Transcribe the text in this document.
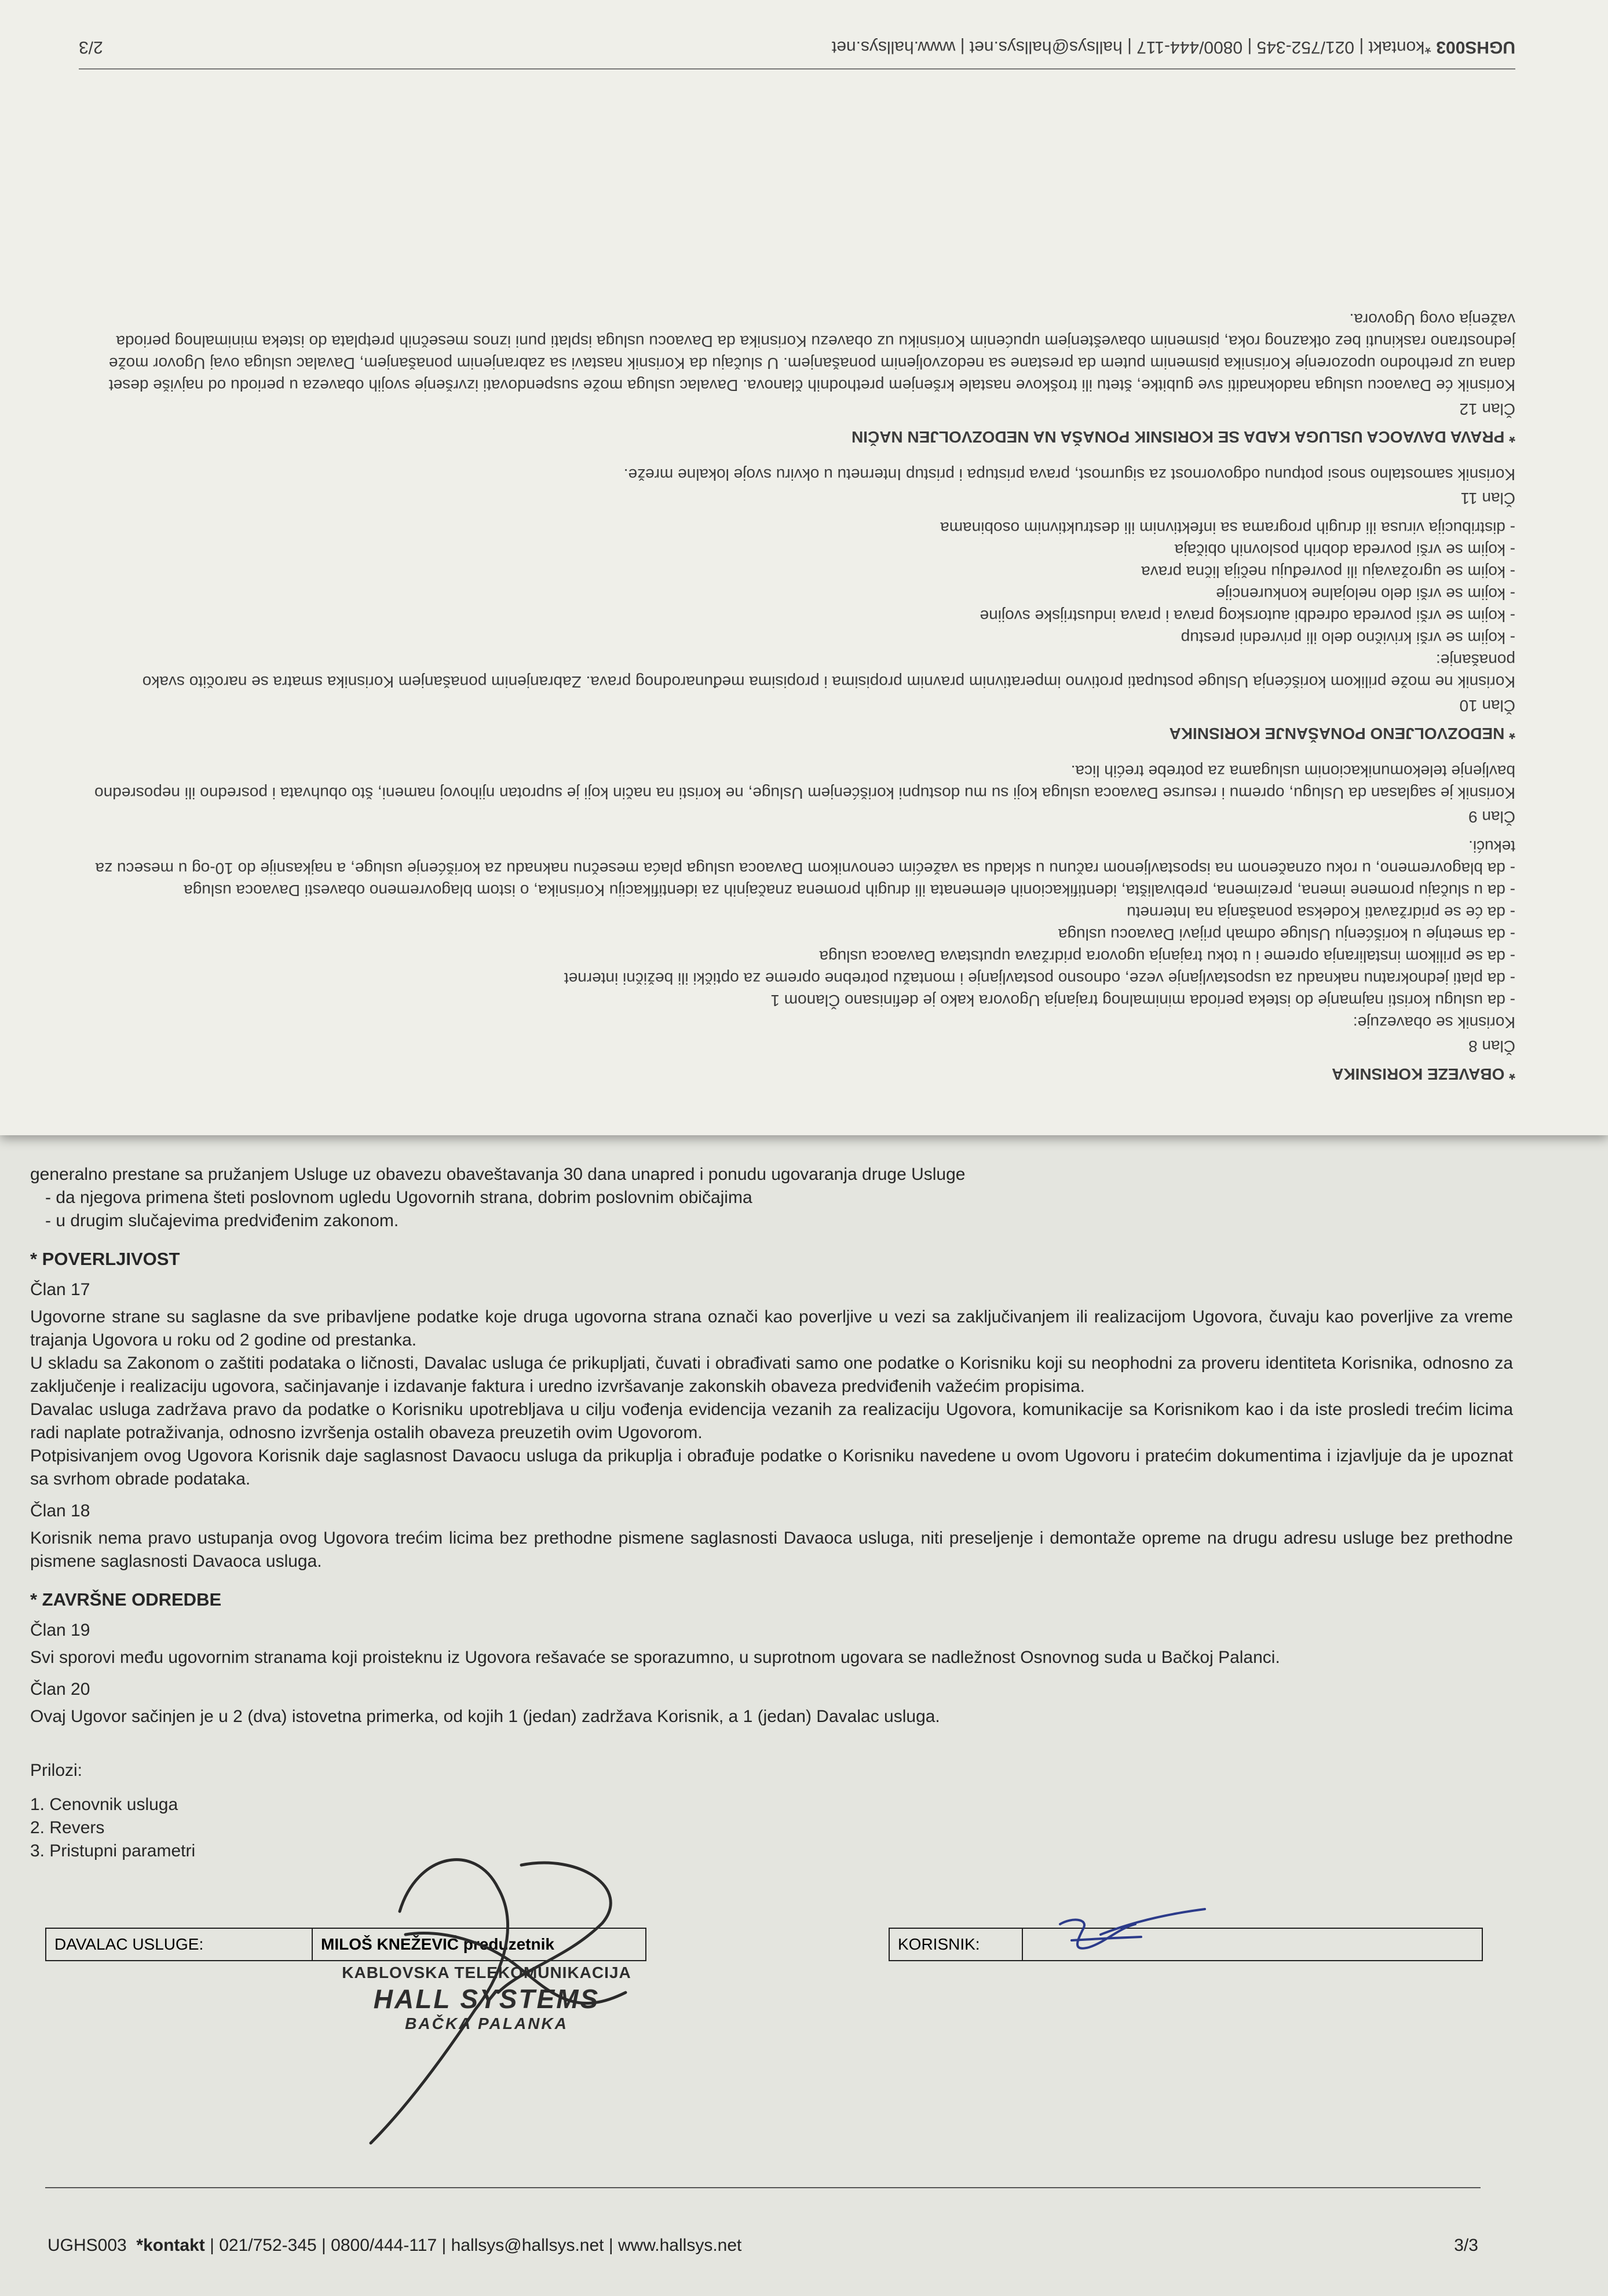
* OBAVEZE KORISNIKA
Član 8

Korisnik se obavezuje:

- da uslugu koristi najmanje do isteka perioda minimalnog trajanja Ugovora kako je definisano Članom 1

- da plati jednokratnu naknadu za uspostavljanje veze, odnosno postavljanje i montažu potrebne opreme za optički ili bežični internet

- da se prilikom instaliranja opreme i u toku trajanja ugovora pridržava uputstava Davaoca usluga

- da smetnje u korišćenju Usluge odmah prijavi Davaocu usluga

- da će se pridržavati Kodeksa ponašanja na Internetu

- da u slučaju promene imena, prezimena, prebivališta, identifikacionih elemenata ili drugih promena značajnih za identifikaciju Korisnika, o istom blagovremeno obavesti Davaoca usluga

- da blagovremeno, u roku označenom na ispostavljenom računu u skladu sa važećim cenovnikom Davaoca usluga plaća mesečnu naknadu za korišćenje usluge, a najkasnije do 10-og u mesecu za tekući.

Član 9

Korisnik je saglasan da Uslugu, opremu i resurse Davaoca usluga koji su mu dostupni korišćenjem Usluge, ne koristi na način koji je suprotan njihovoj nameni, što obuhvata i posredno ili neposredno bavljenje telekomunikacionim uslugama za potrebe trećih lica.

* NEDOZVOLJENO PONAŠANJE KORISNIKA
Član 10

Korisnik ne može prilikom korišćenja Usluge postupati protivno imperativnim pravnim propisima i propisima međunarodnog prava. Zabranjenim ponašanjem Korisnika smatra se naročito svako ponašanje:

- kojim se vrši krivično delo ili privredni prestup

- kojim se vrši povreda odredbi autorskog prava i prava industrijske svojine

- kojim se vrši delo nelojalne konkurencije

- kojim se ugrožavaju ili povređuju nečija lična prava

- kojim se vrši povreda dobrih poslovnih običaja

- distribucija virusa ili drugih programa sa infektivnim ili destruktivnim osobinama

Član 11

Korisnik samostalno snosi potpunu odgovornost za sigurnost, prava pristupa i pristup Internetu u okviru svoje lokalne mreže.

* PRAVA DAVAOCA USLUGA KADA SE KORISNIK PONAŠA NA NEDOZVOLJEN NAČIN
Član 12

Korisnik će Davaocu usluga nadoknaditi sve gubitke, štetu ili troškove nastale kršenjem prethodnih članova. Davalac usluga može suspendovati izvršenje svojih obaveza u periodu od najviše deset dana uz prethodno upozorenje Korisnika pismenim putem da prestane sa nedozvoljenim ponašanjem. U slučaju da Korisnik nastavi sa zabranjenim ponašanjem, Davalac usluga ovaj Ugovor može jednostrano raskinuti bez otkaznog roka, pismenim obaveštenjem upućenim Korisniku uz obavezu Korisnika da Davaocu usluga isplati puni iznos mesečnih pretplata do isteka minimalnog perioda važenja ovog Ugovora.

UGHS003 *kontakt | 021/752-345 | 0800/444-117 | hallsys@hallsys.net | www.hallsys.net
2/3

generalno prestane sa pružanjem Usluge uz obavezu obaveštavanja 30 dana unapred i ponudu ugovaranja druge Usluge

- da njegova primena šteti poslovnom ugledu Ugovornih strana, dobrim poslovnim običajima

- u drugim slučajevima predviđenim zakonom.

* POVERLJIVOST
Član 17

Ugovorne strane su saglasne da sve pribavljene podatke koje druga ugovorna strana označi kao poverljive u vezi sa zaključivanjem ili realizacijom Ugovora, čuvaju kao poverljive za vreme trajanja Ugovora u roku od 2 godine od prestanka.

U skladu sa Zakonom o zaštiti podataka o ličnosti, Davalac usluga će prikupljati, čuvati i obrađivati samo one podatke o Korisniku koji su neophodni za proveru identiteta Korisnika, odnosno za zaključenje i realizaciju ugovora, sačinjavanje i izdavanje faktura i uredno izvršavanje zakonskih obaveza predviđenih važećim propisima.

Davalac usluga zadržava pravo da podatke o Korisniku upotrebljava u cilju vođenja evidencija vezanih za realizaciju Ugovora, komunikacije sa Korisnikom kao i da iste prosledi trećim licima radi naplate potraživanja, odnosno izvršenja ostalih obaveza preuzetih ovim Ugovorom.

Potpisivanjem ovog Ugovora Korisnik daje saglasnost Davaocu usluga da prikuplja i obrađuje podatke o Korisniku navedene u ovom Ugovoru i pratećim dokumentima i izjavljuje da je upoznat sa svrhom obrade podataka.

Član 18

Korisnik nema pravo ustupanja ovog Ugovora trećim licima bez prethodne pismene saglasnosti Davaoca usluga, niti preseljenje i demontaže opreme na drugu adresu usluge bez prethodne pismene saglasnosti Davaoca usluga.

* ZAVRŠNE ODREDBE
Član 19

Svi sporovi među ugovornim stranama koji proisteknu iz Ugovora rešavaće se sporazumno, u suprotnom ugovara se nadležnost Osnovnog suda u Bačkoj Palanci.

Član 20

Ovaj Ugovor sačinjen je u 2 (dva) istovetna primerka, od kojih 1 (jedan) zadržava Korisnik, a 1 (jedan) Davalac usluga.

Prilozi:

1. Cenovnik usluga

2. Revers

3. Pristupni parametri

DAVALAC USLUGE:	MILOŠ KNEŽEVIĆ preduzetnik	KORISNIK:
KABLOVSKA TELEKOMUNIKACIJA
HALL SYSTEMS
BAČKA PALANKA
UGHS003 *kontakt | 021/752-345 | 0800/444-117 | hallsys@hallsys.net | www.hallsys.net	3/3
